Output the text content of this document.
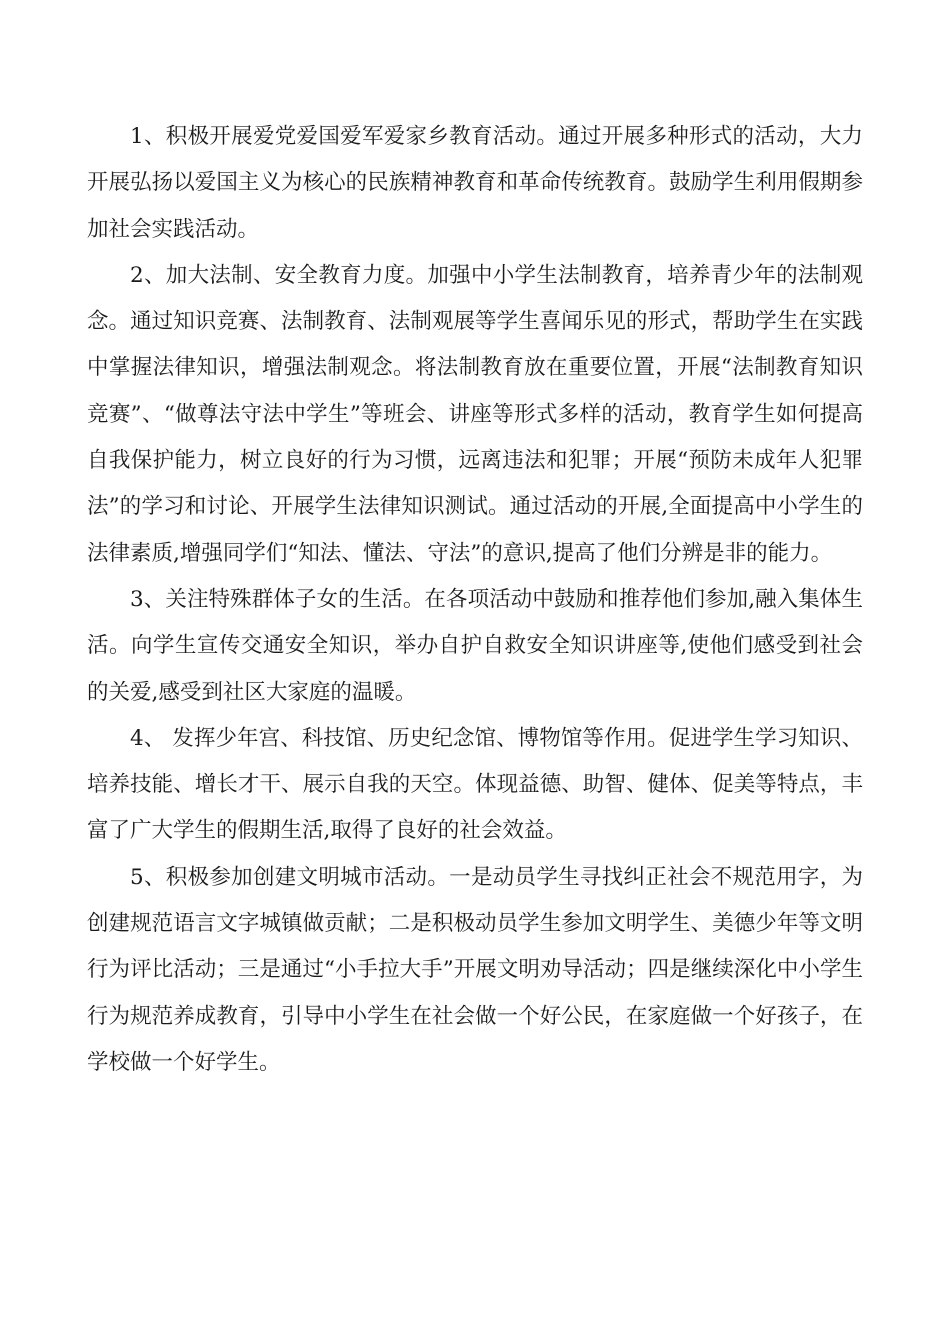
1、积极开展爱党爱国爱军爱家乡教育活动。通过开展多种形式的活动，大力开展弘扬以爱国主义为核心的民族精神教育和革命传统教育。鼓励学生利用假期参加社会实践活动。

2、加大法制、安全教育力度。加强中小学生法制教育，培养青少年的法制观念。通过知识竞赛、法制教育、法制观展等学生喜闻乐见的形式，帮助学生在实践中掌握法律知识，增强法制观念。将法制教育放在重要位置，开展“法制教育知识竞赛”、“做尊法守法中学生”等班会、讲座等形式多样的活动，教育学生如何提高自我保护能力，树立良好的行为习惯，远离违法和犯罪；开展“预防未成年人犯罪法”的学习和讨论、开展学生法律知识测试。通过活动的开展,全面提高中小学生的法律素质,增强同学们“知法、懂法、守法”的意识,提高了他们分辨是非的能力。

3、关注特殊群体子女的生活。在各项活动中鼓励和推荐他们参加,融入集体生活。向学生宣传交通安全知识，举办自护自救安全知识讲座等,使他们感受到社会的关爱,感受到社区大家庭的温暖。

4、 发挥少年宫、科技馆、历史纪念馆、博物馆等作用。促进学生学习知识、培养技能、增长才干、展示自我的天空。体现益德、助智、健体、促美等特点，丰富了广大学生的假期生活,取得了良好的社会效益。

5、积极参加创建文明城市活动。一是动员学生寻找纠正社会不规范用字，为创建规范语言文字城镇做贡献；二是积极动员学生参加文明学生、美德少年等文明行为评比活动；三是通过“小手拉大手”开展文明劝导活动；四是继续深化中小学生行为规范养成教育，引导中小学生在社会做一个好公民，在家庭做一个好孩子，在学校做一个好学生。
